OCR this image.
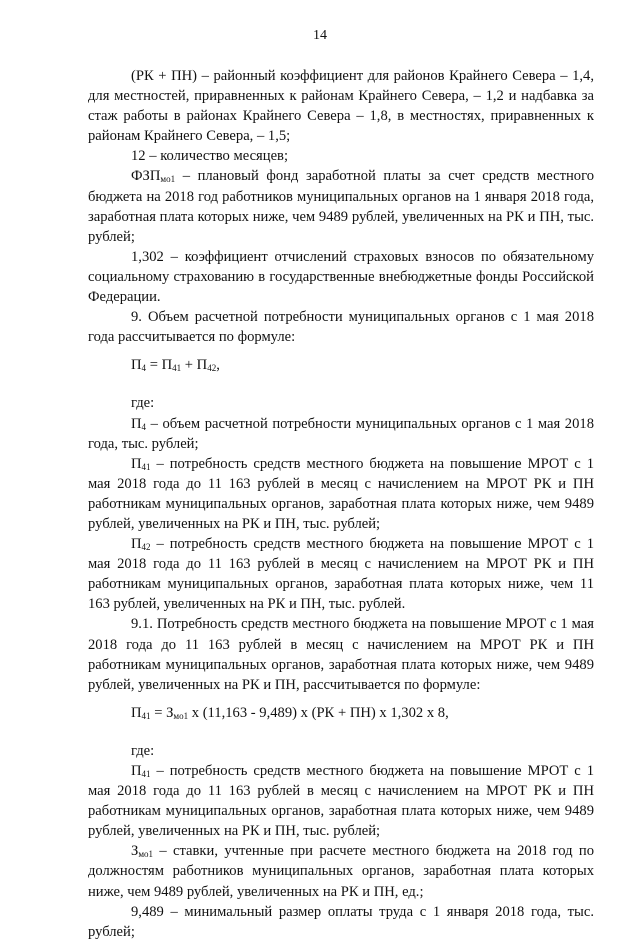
14

(РК + ПН) – районный коэффициент для районов Крайнего Севера – 1,4, для местностей, приравненных к районам Крайнего Севера, – 1,2 и надбавка за стаж работы в районах Крайнего Севера – 1,8, в местностях, приравненных к районам Крайнего Севера, – 1,5;

12 – количество месяцев;

$ФЗП_{мо1}$ – плановый фонд заработной платы за счет средств местного бюджета на 2018 год работников муниципальных органов на 1 января 2018 года, заработная плата которых ниже, чем 9489 рублей, увеличенных на РК и ПН, тыс. рублей;

1,302 – коэффициент отчислений страховых взносов по обязательному социальному страхованию в государственные внебюджетные фонды Российской Федерации.

9. Объем расчетной потребности муниципальных органов с 1 мая 2018 года рассчитывается по формуле:

$П_4 = П_{41} + П_{42}$,

где:

$П_4$ – объем расчетной потребности муниципальных органов с 1 мая 2018 года, тыс. рублей;

$П_{41}$ – потребность средств местного бюджета на повышение МРОТ с 1 мая 2018 года до 11 163 рублей в месяц с начислением на МРОТ РК и ПН работникам муниципальных органов, заработная плата которых ниже, чем 9489 рублей, увеличенных на РК и ПН, тыс. рублей;

$П_{42}$ – потребность средств местного бюджета на повышение МРОТ с 1 мая 2018 года до 11 163 рублей в месяц с начислением на МРОТ РК и ПН работникам муниципальных органов, заработная плата которых ниже, чем 11 163 рублей, увеличенных на РК и ПН, тыс. рублей.

9.1. Потребность средств местного бюджета на повышение МРОТ с 1 мая 2018 года до 11 163 рублей в месяц с начислением на МРОТ РК и ПН работникам муниципальных органов, заработная плата которых ниже, чем 9489 рублей, увеличенных на РК и ПН, рассчитывается по формуле:

$П_{41} = З_{мо1}$ x (11,163 - 9,489) x (РК + ПН) x 1,302 x 8,

где:

$П_{41}$ – потребность средств местного бюджета на повышение МРОТ с 1 мая 2018 года до 11 163 рублей в месяц с начислением на МРОТ РК и ПН работникам муниципальных органов, заработная плата которых ниже, чем 9489 рублей, увеличенных на РК и ПН, тыс. рублей;

$З_{мо1}$ – ставки, учтенные при расчете местного бюджета на 2018 год по должностям работников муниципальных органов, заработная плата которых ниже, чем 9489 рублей, увеличенных на РК и ПН, ед.;

9,489 – минимальный размер оплаты труда с 1 января 2018 года, тыс. рублей;
